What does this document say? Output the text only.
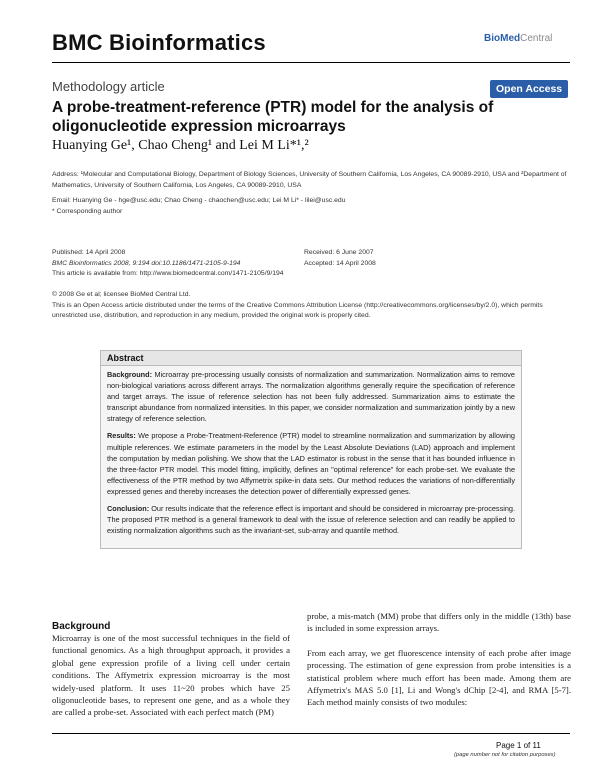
BMC Bioinformatics	BioMedCentral
Methodology article	Open Access
A probe-treatment-reference (PTR) model for the analysis of oligonucleotide expression microarrays
Huanying Ge¹, Chao Cheng¹ and Lei M Li*¹,²
Address: ¹Molecular and Computational Biology, Department of Biology Sciences, University of Southern California, Los Angeles, CA 90089-2910, USA and ²Department of Mathematics, University of Southern California, Los Angeles, CA 90089-2910, USA
Email: Huanying Ge - hge@usc.edu; Chao Cheng - chaochen@usc.edu; Lei M Li* - lilei@usc.edu
* Corresponding author
Published: 14 April 2008
BMC Bioinformatics 2008, 9:194 doi:10.1186/1471-2105-9-194
This article is available from: http://www.biomedcentral.com/1471-2105/9/194
Received: 6 June 2007
Accepted: 14 April 2008
© 2008 Ge et al; licensee BioMed Central Ltd.
This is an Open Access article distributed under the terms of the Creative Commons Attribution License (http://creativecommons.org/licenses/by/2.0), which permits unrestricted use, distribution, and reproduction in any medium, provided the original work is properly cited.
Abstract

Background: Microarray pre-processing usually consists of normalization and summarization. Normalization aims to remove non-biological variations across different arrays. The normalization algorithms generally require the specification of reference and target arrays. The issue of reference selection has not been fully addressed. Summarization aims to estimate the transcript abundance from normalized intensities. In this paper, we consider normalization and summarization jointly by a new strategy of reference selection.

Results: We propose a Probe-Treatment-Reference (PTR) model to streamline normalization and summarization by allowing multiple references. We estimate parameters in the model by the Least Absolute Deviations (LAD) approach and implement the computation by median polishing. We show that the LAD estimator is robust in the sense that it has bounded influence in the three-factor PTR model. This model fitting, implicitly, defines an "optimal reference" for each probe-set. We evaluate the effectiveness of the PTR method by two Affymetrix spike-in data sets. Our method reduces the variations of non-differentially expressed genes and thereby increases the detection power of differentially expressed genes.

Conclusion: Our results indicate that the reference effect is important and should be considered in microarray pre-processing. The proposed PTR method is a general framework to deal with the issue of reference selection and can readily be applied to existing normalization algorithms such as the invariant-set, sub-array and quantile method.

Background

Microarray is one of the most successful techniques in the field of functional genomics. As a high throughput approach, it provides a global gene expression profile of a living cell under certain conditions. The Affymetrix expression microarray is the most widely-used platform. It uses 11~20 probes which have 25 oligonucleotide bases, to represent one gene, and as a whole they are called a probe-set. Associated with each perfect match (PM)

probe, a mis-match (MM) probe that differs only in the middle (13th) base is included in some expression arrays.

From each array, we get fluorescence intensity of each probe after image processing. The estimation of gene expression from probe intensities is a statistical problem where much effort has been made. Among them are Affymetrix's MAS 5.0 [1], Li and Wong's dChip [2-4], and RMA [5-7]. Each method mainly consists of two modules:

Page 1 of 11
(page number not for citation purposes)
